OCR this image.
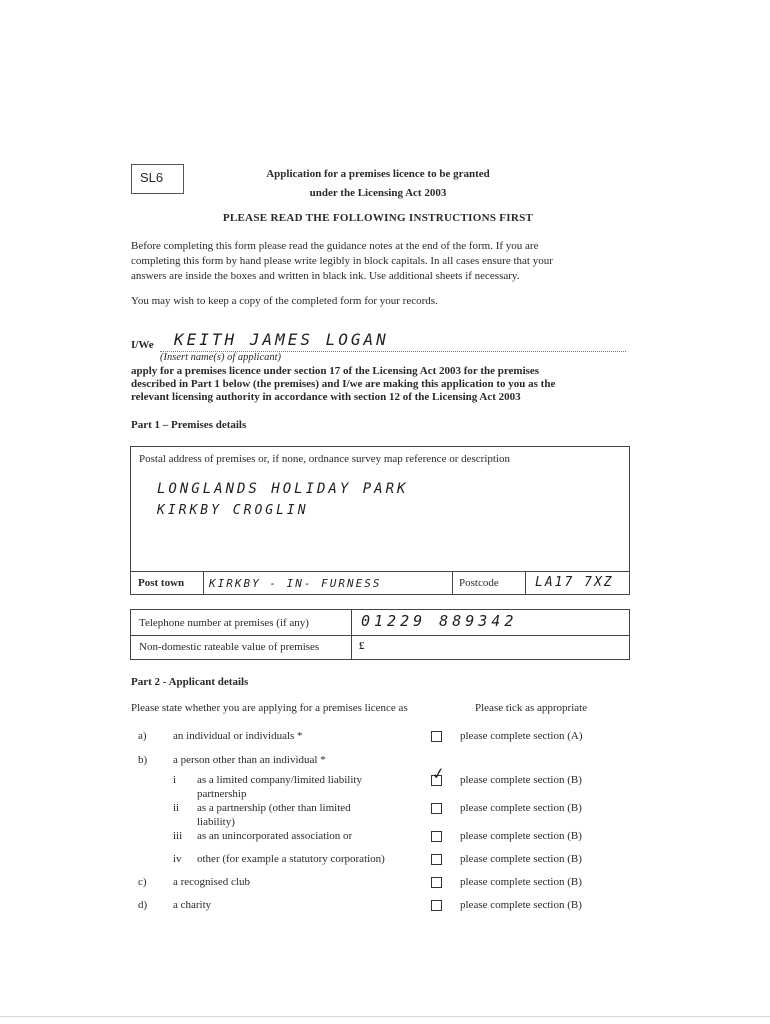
SL6	Application for a premises licence to be granted
under the Licensing Act 2003
PLEASE READ THE FOLLOWING INSTRUCTIONS FIRST
Before completing this form please read the guidance notes at the end of the form. If you are
completing this form by hand please write legibly in block capitals. In all cases ensure that your
answers are inside the boxes and written in black ink. Use additional sheets if necessary.
You may wish to keep a copy of the completed form for your records.
I/We KEITH JAMES LOGAN
(Insert name(s) of applicant)
apply for a premises licence under section 17 of the Licensing Act 2003 for the premises
described in Part 1 below (the premises) and I/we are making this application to you as the
relevant licensing authority in accordance with section 12 of the Licensing Act 2003
Part 1 – Premises details
Postal address of premises or, if none, ordnance survey map reference or description
LONGLANDS HOLIDAY PARK
KIRKBY CROGLIN
Post town KIRKBY - IN- FURNESS	Postcode	LA17 7XZ
Telephone number at premises (if any)	01229 889342
Non-domestic rateable value of premises	£
Part 2 - Applicant details
Please state whether you are applying for a premises licence as	Please tick as appropriate
a) an individual or individuals *	please complete section (A)
b) a person other than an individual *
i as a limited company/limited liability
partnership
✓ please complete section (B)
ii as a partnership (other than limited
liability)
please complete section (B)
iii as an unincorporated association or	please complete section (B)
iv other (for example a statutory corporation)	please complete section (B)
c) a recognised club	please complete section (B)
d) a charity	please complete section (B)
